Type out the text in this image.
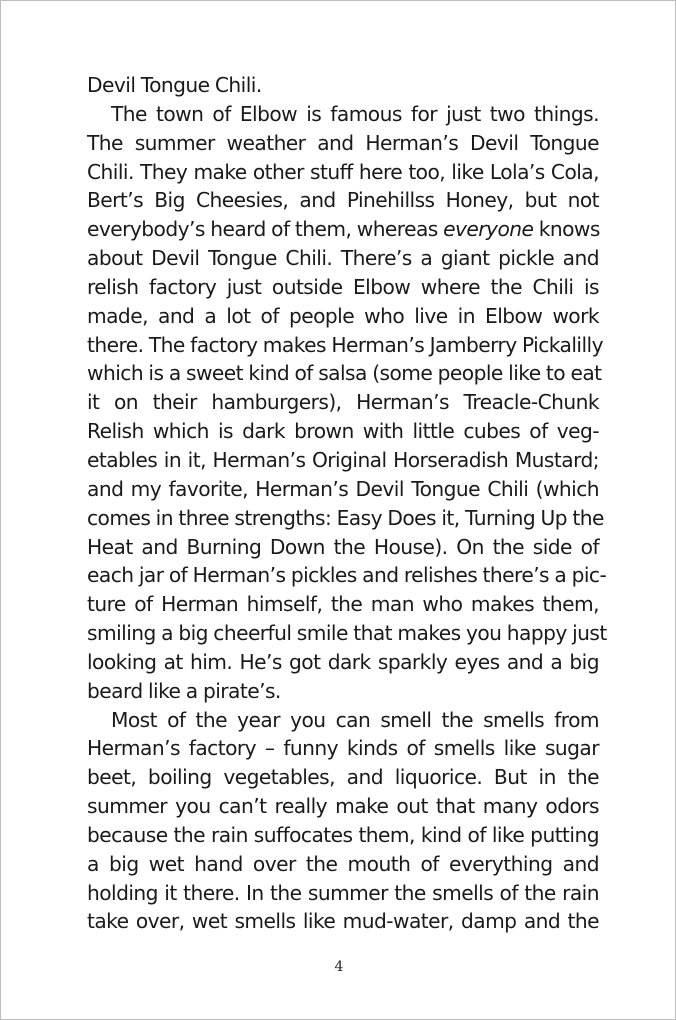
Devil Tongue Chili.
The town of Elbow is famous for just two things.
The summer weather and Herman’s Devil Tongue
Chili. They make other stuff here too, like Lola’s Cola,
Bert’s Big Cheesies, and Pinehillss Honey, but not
everybody’s heard of them, whereas everyone knows
about Devil Tongue Chili. There’s a giant pickle and
relish factory just outside Elbow where the Chili is
made, and a lot of people who live in Elbow work
there. The factory makes Herman’s Jamberry Pickalilly
which is a sweet kind of salsa (some people like to eat
it on their hamburgers), Herman’s Treacle-Chunk
Relish which is dark brown with little cubes of veg-
etables in it, Herman’s Original Horseradish Mustard;
and my favorite, Herman’s Devil Tongue Chili (which
comes in three strengths: Easy Does it, Turning Up the
Heat and Burning Down the House). On the side of
each jar of Herman’s pickles and relishes there’s a pic-
ture of Herman himself, the man who makes them,
smiling a big cheerful smile that makes you happy just
looking at him. He’s got dark sparkly eyes and a big
beard like a pirate’s.
Most of the year you can smell the smells from
Herman’s factory – funny kinds of smells like sugar
beet, boiling vegetables, and liquorice. But in the
summer you can’t really make out that many odors
because the rain suffocates them, kind of like putting
a big wet hand over the mouth of everything and
holding it there. In the summer the smells of the rain
take over, wet smells like mud-water, damp and the
4
